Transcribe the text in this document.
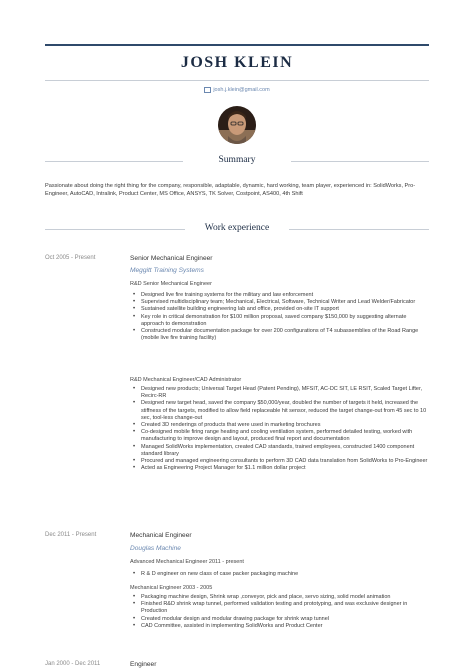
JOSH KLEIN
josh.j.klein@gmail.com
Summary
Passionate about doing the right thing for the company, responsible, adaptable, dynamic, hard working, team player, experienced in: SolidWorks, Pro-Engineer, AutoCAD, Intralink, Product Center, MS Office, ANSYS, TK Solver, Costpoint, AS400, 4th Shift
Work experience
Oct 2005 - Present	Senior Mechanical Engineer
Meggitt Training Systems
R&D Senior Mechanical Engineer
• Designed live fire training systems for the military and law enforcement
• Supervised multidisciplinary team; Mechanical, Electrical, Software, Technical Writer and Lead Welder/Fabricator
• Sustained satellite building engineering lab and office, provided on-site IT support
• Key role in critical demonstration for $100 million proposal, saved company $150,000 by suggesting alternate approach to demonstration
• Constructed modular documentation package for over 200 configurations of T4 subassemblies of the Road Range (mobile live fire training facility)
R&D Mechanical Engineer/CAD Administrator
• Designed new products; Universal Target Head (Patent Pending), MFSIT, AC-DC SIT, LE RSIT, Scaled Target Lifter, Recirc-RR
• Designed new target head, saved the company $50,000/year, doubled the number of targets it held, increased the stiffness of the targets, modified to allow field replaceable hit sensor, reduced the target change-out from 45 sec to 10 sec, tool-less change-out
• Created 3D renderings of products that were used in marketing brochures
• Co-designed mobile firing range heating and cooling ventilation system, performed detailed testing, worked with manufacturing to improve design and layout, produced final report and documentation
• Managed SolidWorks implementation, created CAD standards, trained employees, constructed 1400 component standard library
• Procured and managed engineering consultants to perform 3D CAD data translation from SolidWorks to Pro-Engineer
• Acted as Engineering Project Manager for $1.1 million dollar project
Dec 2011 - Present	Mechanical Engineer
Douglas Machine
Advanced Mechanical Engineer 2011 - present
• R & D engineer on new class of case packer packaging machine
Mechanical Engineer 2003 - 2005
• Packaging machine design, Shrink wrap ,conveyor, pick and place, servo sizing, solid model animation
• Finished R&D shrink wrap tunnel, performed validation testing and prototyping, and was exclusive designer in Production
• Created modular design and modular drawing package for shrink wrap tunnel
• CAD Committee, assisted in implementing SolidWorks and Product Center
Jan 2000 - Dec 2011	Engineer
